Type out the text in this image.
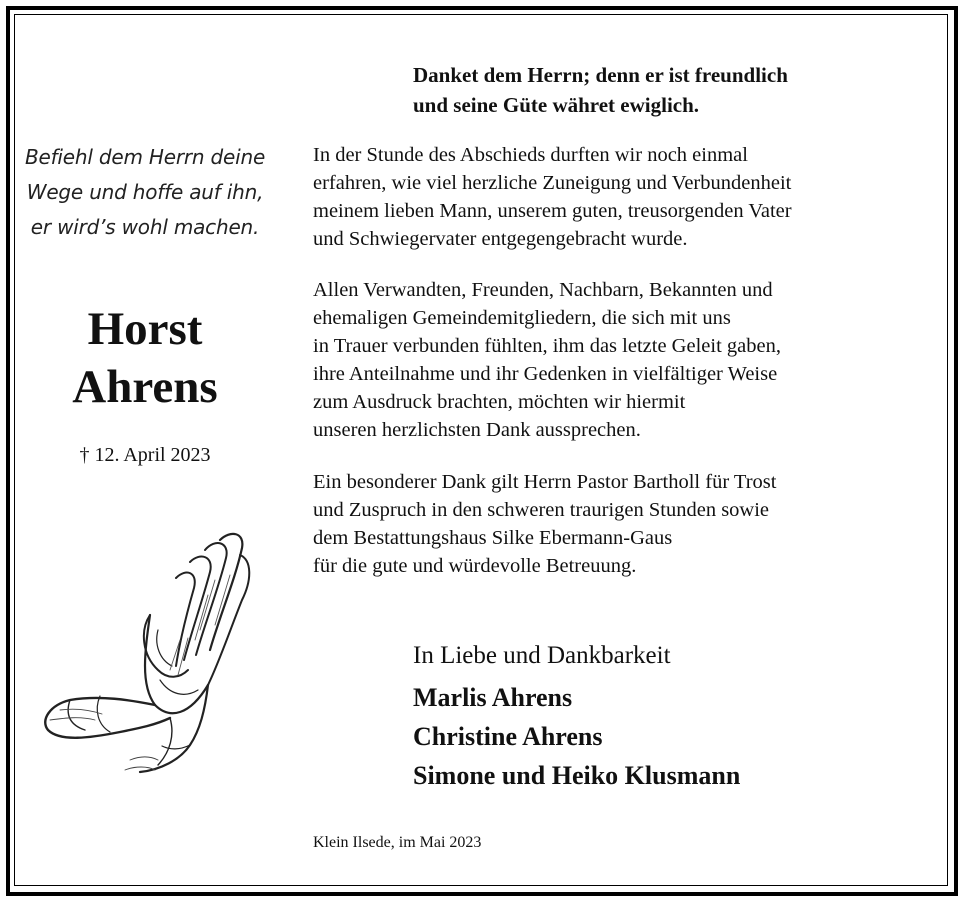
Befiehl dem Herrn deine
Wege und hoffe auf ihn,
er wird’s wohl machen.
Horst
Ahrens
† 12. April 2023
Danket dem Herrn; denn er ist freundlich
und seine Güte währet ewiglich.
In der Stunde des Abschieds durften wir noch einmal
erfahren, wie viel herzliche Zuneigung und Verbundenheit
meinem lieben Mann, unserem guten, treusorgenden Vater
und Schwiegervater entgegengebracht wurde.
Allen Verwandten, Freunden, Nachbarn, Bekannten und
ehemaligen Gemeindemitgliedern, die sich mit uns
in Trauer verbunden fühlten, ihm das letzte Geleit gaben,
ihre Anteilnahme und ihr Gedenken in vielfältiger Weise
zum Ausdruck brachten, möchten wir hiermit
unseren herzlichsten Dank aussprechen.
Ein besonderer Dank gilt Herrn Pastor Bartholl für Trost
und Zuspruch in den schweren traurigen Stunden sowie
dem Bestattungshaus Silke Ebermann-Gaus
für die gute und würdevolle Betreuung.
In Liebe und Dankbarkeit
Marlis Ahrens
Christine Ahrens
Simone und Heiko Klusmann
Klein Ilsede, im Mai 2023
